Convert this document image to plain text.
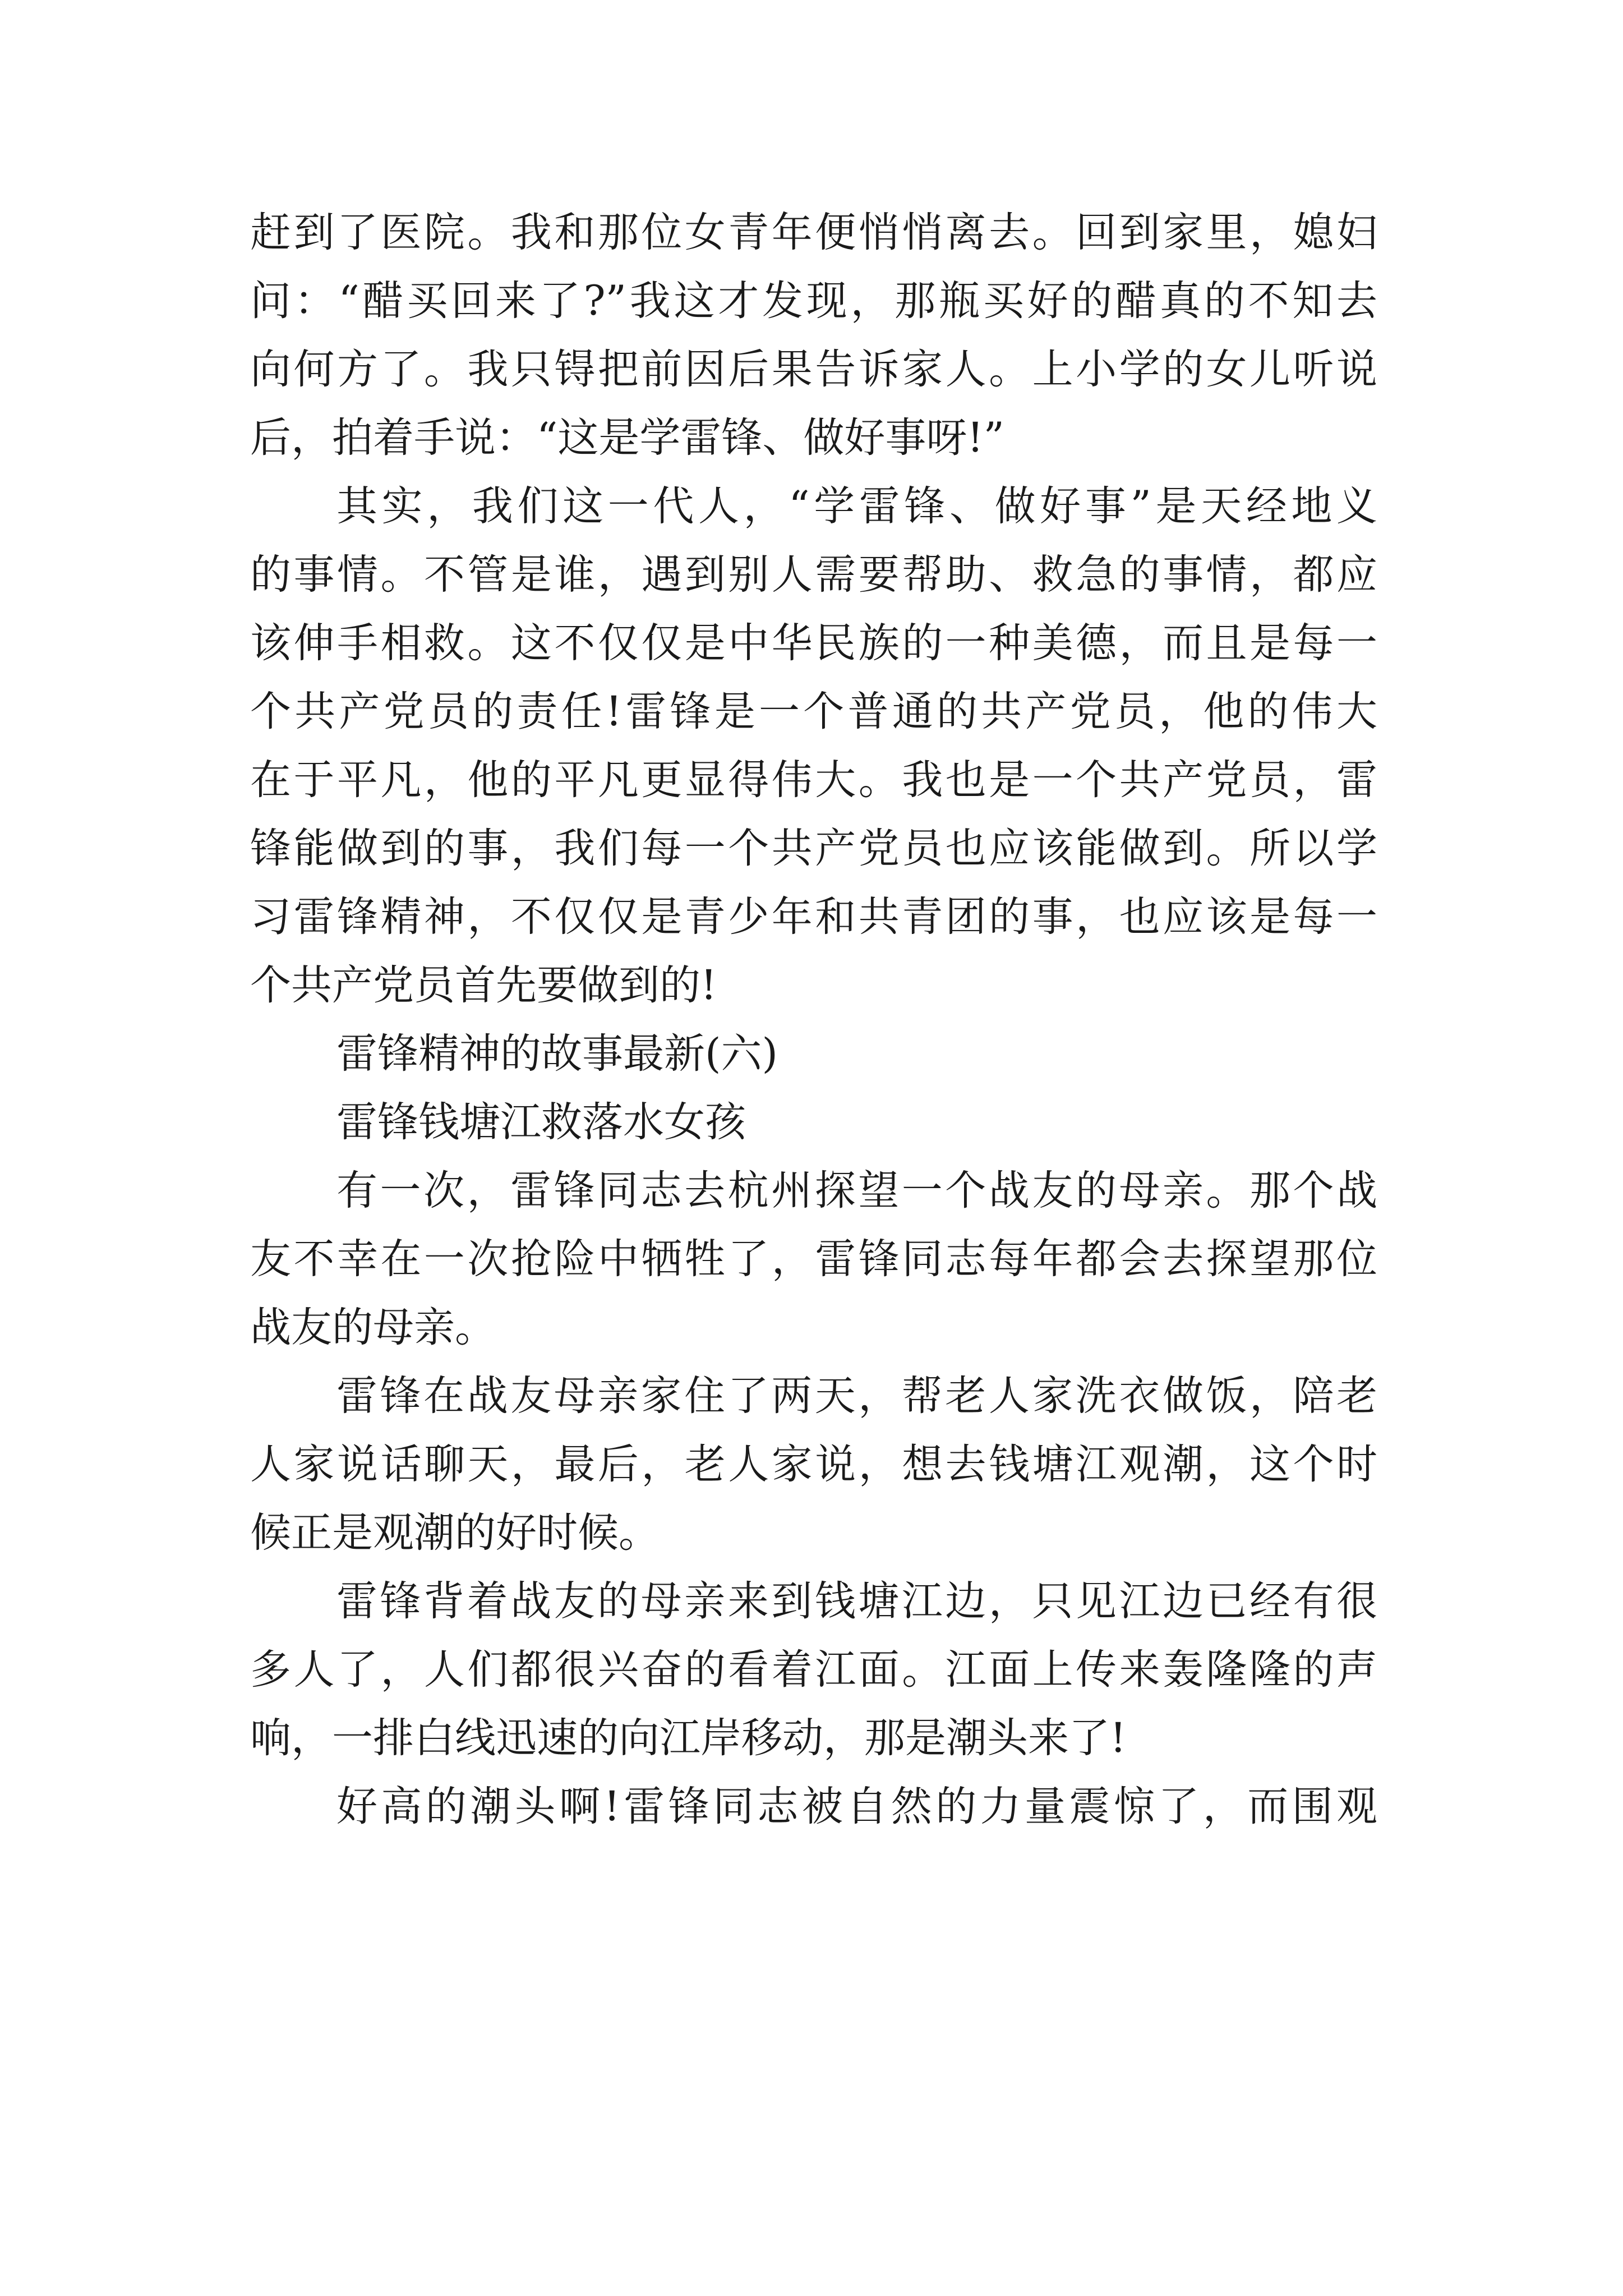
赶到了医院。我和那位女青年便悄悄离去。回到家里，媳妇
问：“醋买回来了?”我这才发现，那瓶买好的醋真的不知去
向何方了。我只锝把前因后果告诉家人。上小学的女儿听说
后，拍着手说：“这是学雷锋、做好事呀!”
其实，我们这一代人，“学雷锋、做好事”是天经地义
的事情。不管是谁，遇到别人需要帮助、救急的事情，都应
该伸手相救。这不仅仅是中华民族的一种美德，而且是每一
个共产党员的责任!雷锋是一个普通的共产党员，他的伟大
在于平凡，他的平凡更显得伟大。我也是一个共产党员，雷
锋能做到的事，我们每一个共产党员也应该能做到。所以学
习雷锋精神，不仅仅是青少年和共青团的事，也应该是每一
个共产党员首先要做到的!
雷锋精神的故事最新(六)
雷锋钱塘江救落水女孩
有一次，雷锋同志去杭州探望一个战友的母亲。那个战
友不幸在一次抢险中牺牲了，雷锋同志每年都会去探望那位
战友的母亲。
雷锋在战友母亲家住了两天，帮老人家洗衣做饭，陪老
人家说话聊天，最后，老人家说，想去钱塘江观潮，这个时
候正是观潮的好时候。
雷锋背着战友的母亲来到钱塘江边，只见江边已经有很
多人了，人们都很兴奋的看着江面。江面上传来轰隆隆的声
响，一排白线迅速的向江岸移动，那是潮头来了!
好高的潮头啊!雷锋同志被自然的力量震惊了，而围观
